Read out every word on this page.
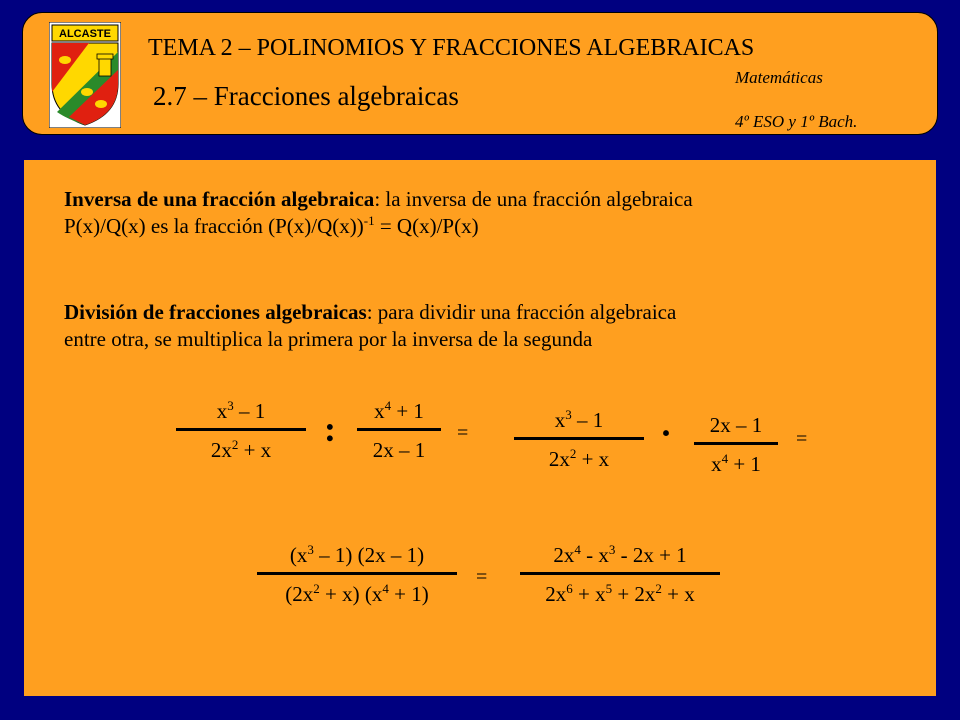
ALCASTE
TEMA 2 – POLINOMIOS Y FRACCIONES ALGEBRAICAS
Matemáticas
2.7 – Fracciones algebraicas
4º ESO y 1º Bach.
Inversa de una fracción algebraica: la inversa de una fracción algebraica
P(x)/Q(x) es la fracción $(P(x)/Q(x))^{-1} = Q(x)/P(x)$
División de fracciones algebraicas: para dividir una fracción algebraica
entre otra, se multiplica la primera por la inversa de la segunda
$x^3 - 1$
$2x^2 + x$
:	$x^4 + 1$
2x – 1
=
$x^3 - 1$
$2x^2 + x$
·	2x – 1
$x^4 + 1$
=
$(x^3 - 1)$ (2x – 1)
$(2x^2 + x) (x^4 + 1)$
=
$2x^4 - x^3 - 2x + 1$
$2x^6 + x^5 + 2x^2 + x$
